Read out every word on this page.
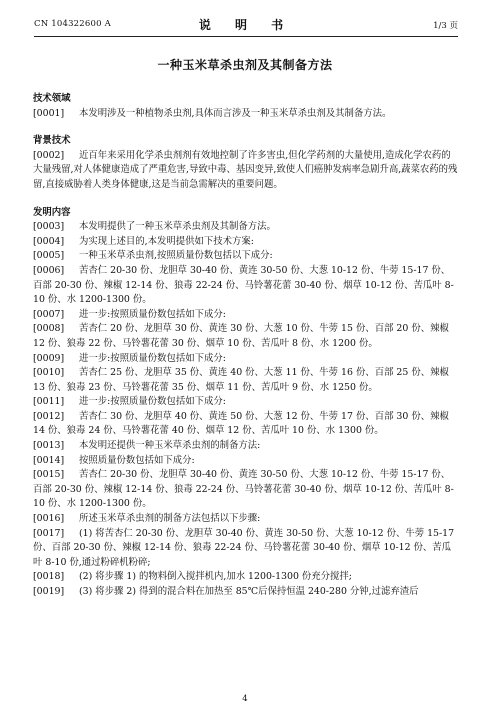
CN 104322600 A	说 明 书	1/3 页
一种玉米草杀虫剂及其制备方法

技术领域

[0001] 本发明涉及一种植物杀虫剂,具体而言涉及一种玉米草杀虫剂及其制备方法。

背景技术

[0002] 近百年来采用化学杀虫剂剂有效地控制了许多害虫,但化学药剂的大量使用,造成化学农药的大量残留,对人体健康造成了严重危害,导致中毒、基因变异,致使人们癌肿发病率急剧升高,蔬菜农药的残留,直接威胁着人类身体健康,这是当前急需解决的重要问题。

发明内容

[0003] 本发明提供了一种玉米草杀虫剂及其制备方法。

[0004] 为实现上述目的,本发明提供如下技术方案:

[0005] 一种玉米草杀虫剂,按照质量份数包括以下成分:

[0006] 苦杏仁 20-30 份、龙胆草 30-40 份、黄连 30-50 份、大葱 10-12 份、牛蒡 15-17 份、百部 20-30 份、辣椒 12-14 份、狼毒 22-24 份、马铃薯花蕾 30-40 份、烟草 10-12 份、苦瓜叶 8-10 份、水 1200-1300 份。

[0007] 进一步:按照质量份数包括如下成分:

[0008] 苦杏仁 20 份、龙胆草 30 份、黄连 30 份、大葱 10 份、牛蒡 15 份、百部 20 份、辣椒 12 份、狼毒 22 份、马铃薯花蕾 30 份、烟草 10 份、苦瓜叶 8 份、水 1200 份。

[0009] 进一步:按照质量份数包括如下成分:

[0010] 苦杏仁 25 份、龙胆草 35 份、黄连 40 份、大葱 11 份、牛蒡 16 份、百部 25 份、辣椒 13 份、狼毒 23 份、马铃薯花蕾 35 份、烟草 11 份、苦瓜叶 9 份、水 1250 份。

[0011] 进一步:按照质量份数包括如下成分:

[0012] 苦杏仁 30 份、龙胆草 40 份、黄连 50 份、大葱 12 份、牛蒡 17 份、百部 30 份、辣椒 14 份、狼毒 24 份、马铃薯花蕾 40 份、烟草 12 份、苦瓜叶 10 份、水 1300 份。

[0013] 本发明还提供一种玉米草杀虫剂的制备方法:

[0014] 按照质量份数包括如下成分:

[0015] 苦杏仁 20-30 份、龙胆草 30-40 份、黄连 30-50 份、大葱 10-12 份、牛蒡 15-17 份、百部 20-30 份、辣椒 12-14 份、狼毒 22-24 份、马铃薯花蕾 30-40 份、烟草 10-12 份、苦瓜叶 8-10 份、水 1200-1300 份。

[0016] 所述玉米草杀虫剂的制备方法包括以下步骤:

[0017] (1) 将苦杏仁 20-30 份、龙胆草 30-40 份、黄连 30-50 份、大葱 10-12 份、牛蒡 15-17 份、百部 20-30 份、辣椒 12-14 份、狼毒 22-24 份、马铃薯花蕾 30-40 份、烟草 10-12 份、苦瓜叶 8-10 份,通过粉碎机粉碎;

[0018] (2) 将步骤 1) 的物料倒入搅拌机内,加水 1200-1300 份充分搅拌;

[0019] (3) 将步骤 2) 得到的混合料在加热至 85℃后保持恒温 240-280 分钟,过滤弃渣后

4
